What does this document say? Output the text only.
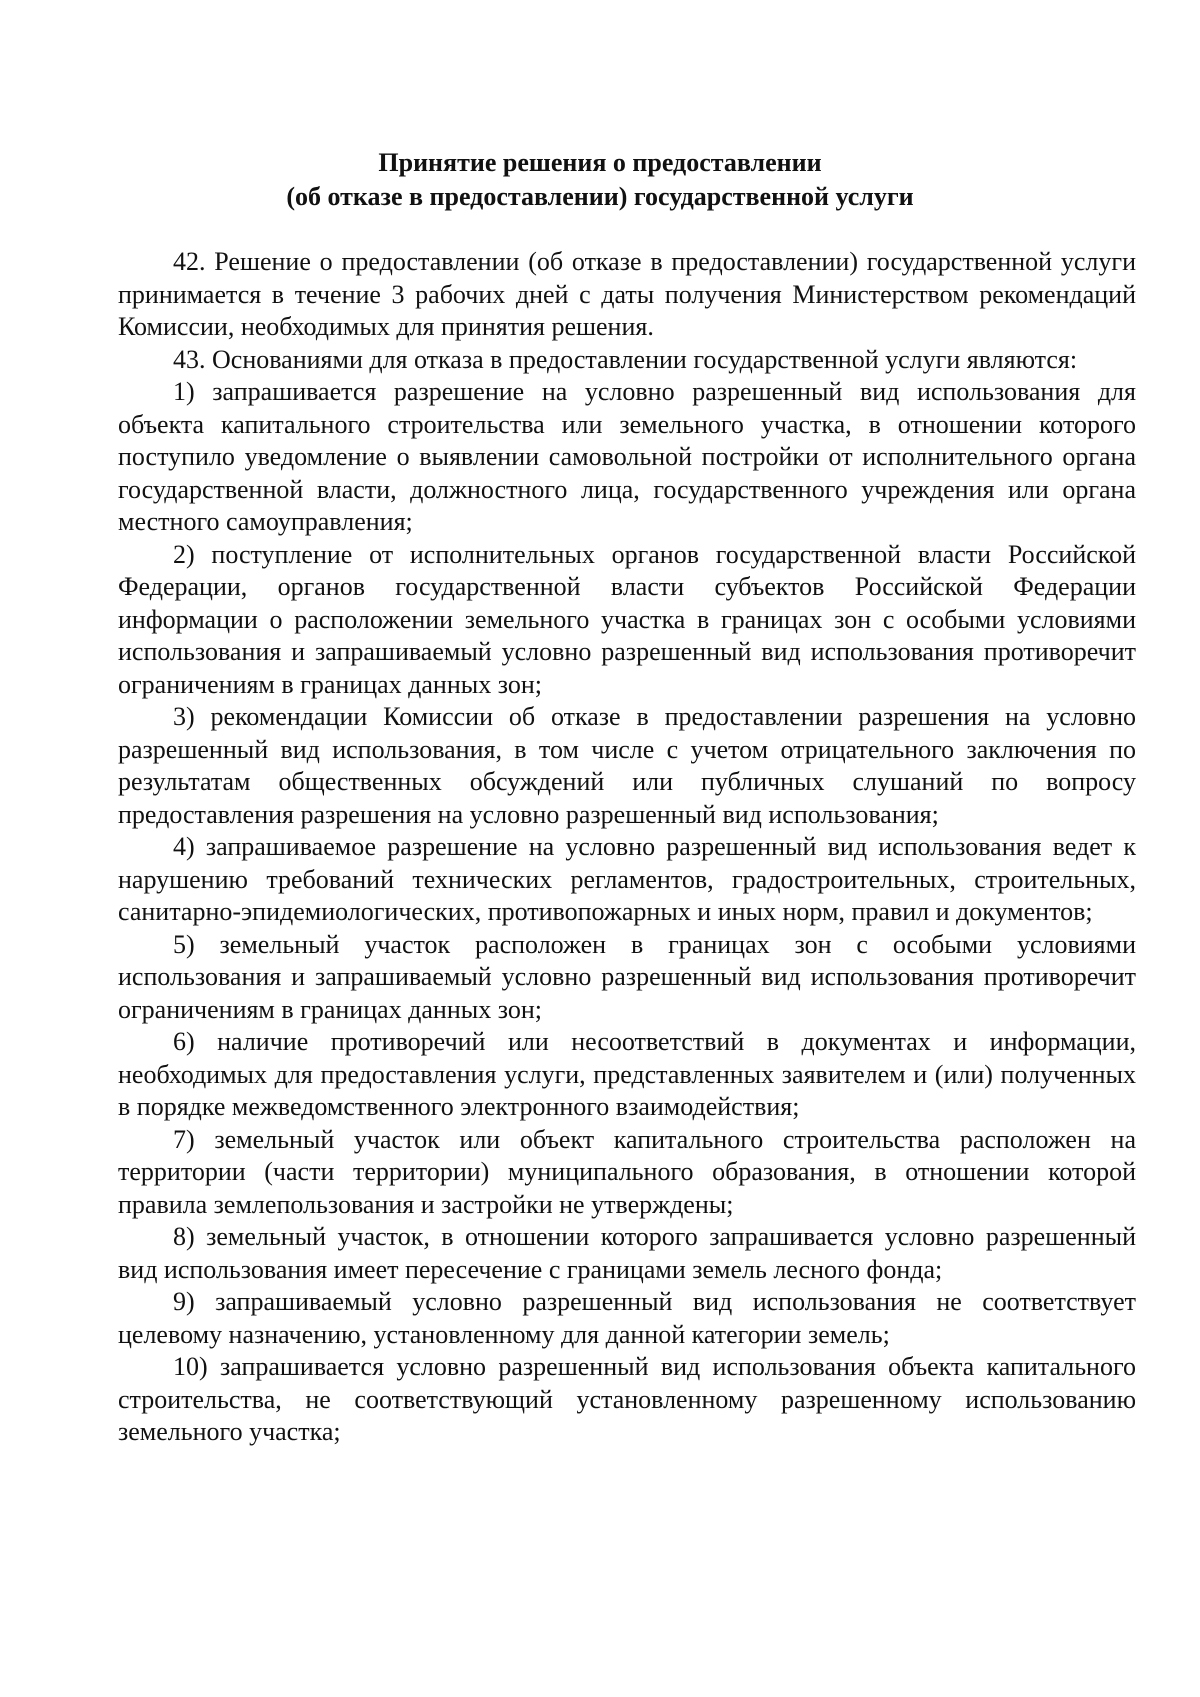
Принятие решения о предоставлении
(об отказе в предоставлении) государственной услуги

42. Решение о предоставлении (об отказе в предоставлении) государственной услуги принимается в течение 3 рабочих дней с даты получения Министерством рекомендаций Комиссии, необходимых для принятия решения.

43. Основаниями для отказа в предоставлении государственной услуги являются:

1) запрашивается разрешение на условно разрешенный вид использования для объекта капитального строительства или земельного участка, в отношении которого поступило уведомление о выявлении самовольной постройки от исполнительного органа государственной власти, должностного лица, государственного учреждения или органа местного самоуправления;

2) поступление от исполнительных органов государственной власти Российской Федерации, органов государственной власти субъектов Российской Федерации информации о расположении земельного участка в границах зон с особыми условиями использования и запрашиваемый условно разрешенный вид использования противоречит ограничениям в границах данных зон;

3) рекомендации Комиссии об отказе в предоставлении разрешения на условно разрешенный вид использования, в том числе с учетом отрицательного заключения по результатам общественных обсуждений или публичных слушаний по вопросу предоставления разрешения на условно разрешенный вид использования;

4) запрашиваемое разрешение на условно разрешенный вид использования ведет к нарушению требований технических регламентов, градостроительных, строительных, санитарно-эпидемиологических, противопожарных и иных норм, правил и документов;

5) земельный участок расположен в границах зон с особыми условиями использования и запрашиваемый условно разрешенный вид использования противоречит ограничениям в границах данных зон;

6) наличие противоречий или несоответствий в документах и информации, необходимых для предоставления услуги, представленных заявителем и (или) полученных в порядке межведомственного электронного взаимодействия;

7) земельный участок или объект капитального строительства расположен на территории (части территории) муниципального образования, в отношении которой правила землепользования и застройки не утверждены;

8) земельный участок, в отношении которого запрашивается условно разрешенный вид использования имеет пересечение с границами земель лесного фонда;

9) запрашиваемый условно разрешенный вид использования не соответствует целевому назначению, установленному для данной категории земель;

10) запрашивается условно разрешенный вид использования объекта капитального строительства, не соответствующий установленному разрешенному использованию земельного участка;
